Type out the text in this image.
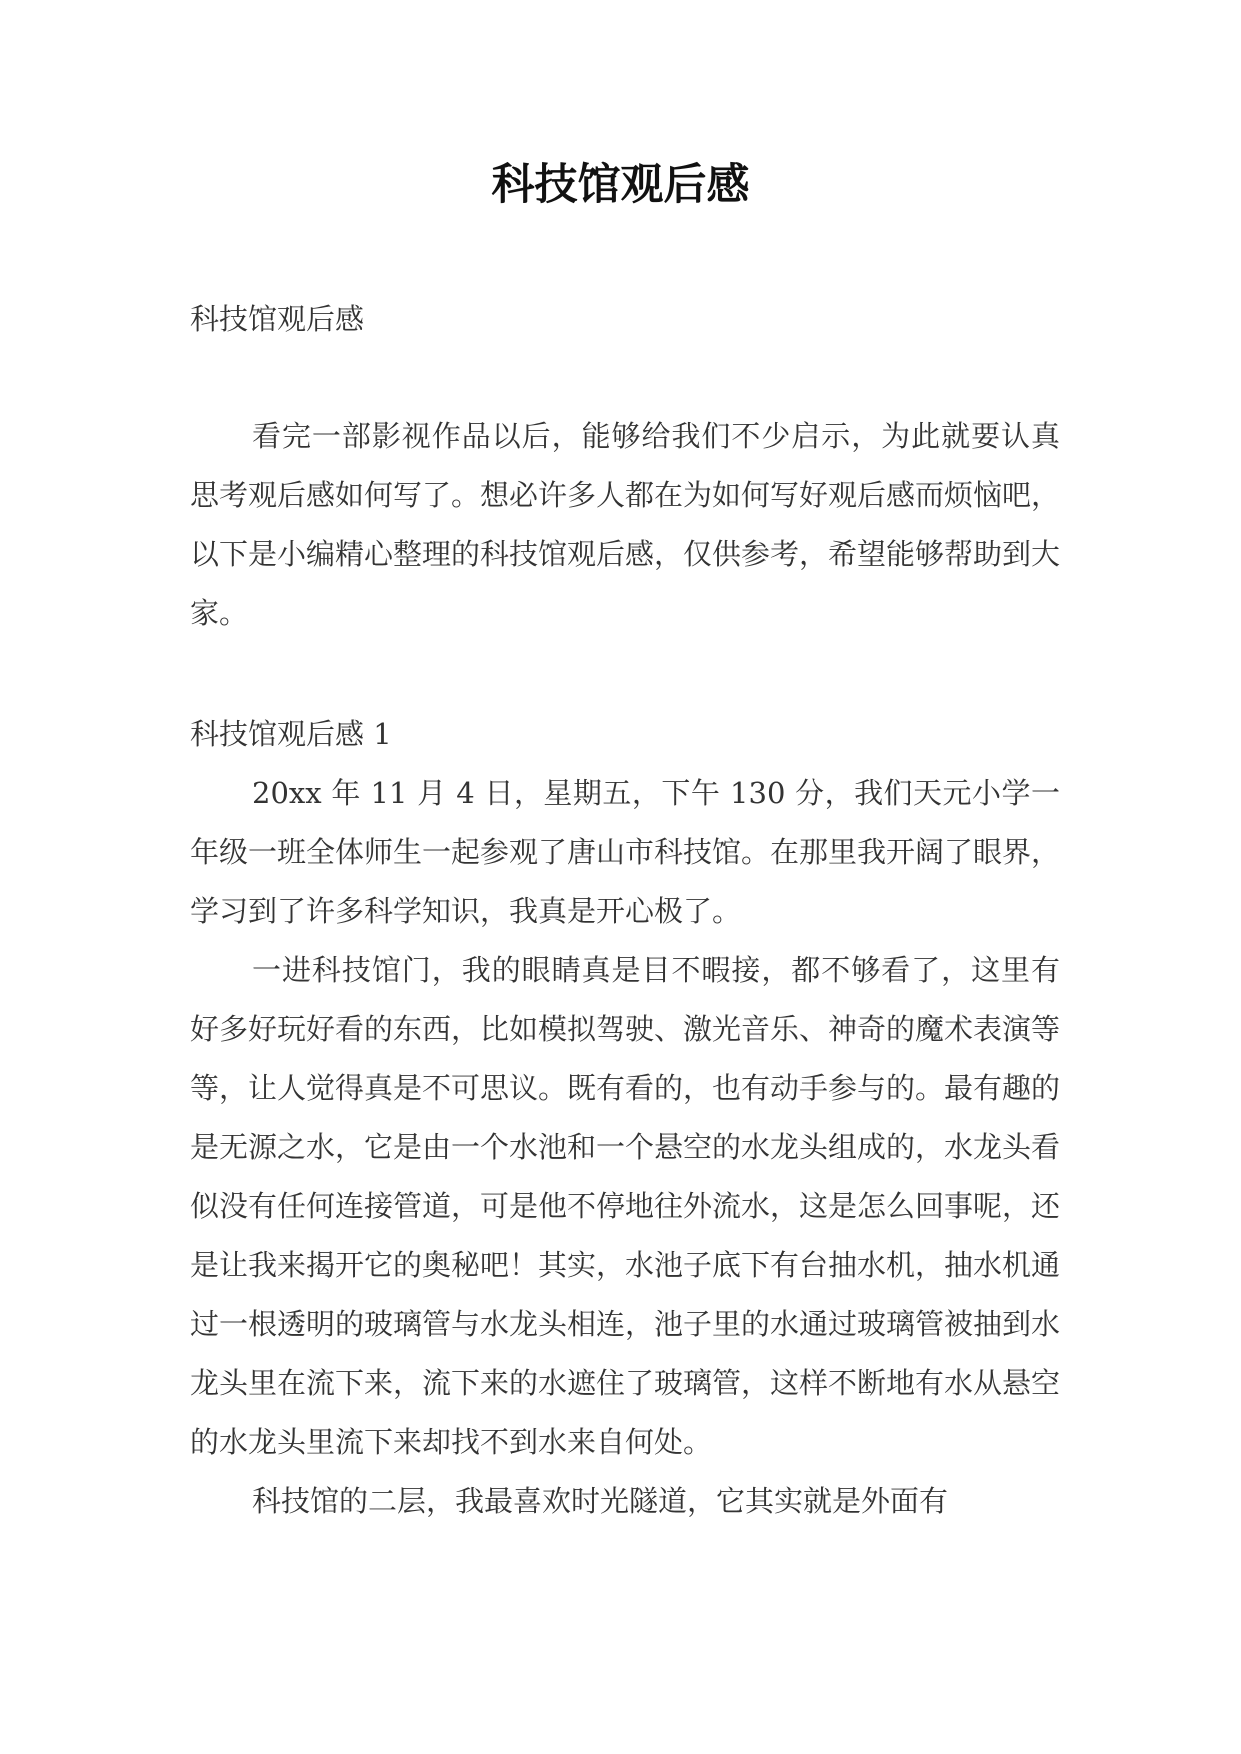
科技馆观后感

科技馆观后感

看完一部影视作品以后，能够给我们不少启示，为此就要认真思考观后感如何写了。想必许多人都在为如何写好观后感而烦恼吧，以下是小编精心整理的科技馆观后感，仅供参考，希望能够帮助到大家。

科技馆观后感 1

20xx 年 11 月 4 日，星期五，下午 130 分，我们天元小学一年级一班全体师生一起参观了唐山市科技馆。在那里我开阔了眼界，学习到了许多科学知识，我真是开心极了。

一进科技馆门，我的眼睛真是目不暇接，都不够看了，这里有好多好玩好看的东西，比如模拟驾驶、激光音乐、神奇的魔术表演等等，让人觉得真是不可思议。既有看的，也有动手参与的。最有趣的是无源之水，它是由一个水池和一个悬空的水龙头组成的，水龙头看似没有任何连接管道，可是他不停地往外流水，这是怎么回事呢，还是让我来揭开它的奥秘吧！其实，水池子底下有台抽水机，抽水机通过一根透明的玻璃管与水龙头相连，池子里的水通过玻璃管被抽到水龙头里在流下来，流下来的水遮住了玻璃管，这样不断地有水从悬空的水龙头里流下来却找不到水来自何处。

科技馆的二层，我最喜欢时光隧道，它其实就是外面有
